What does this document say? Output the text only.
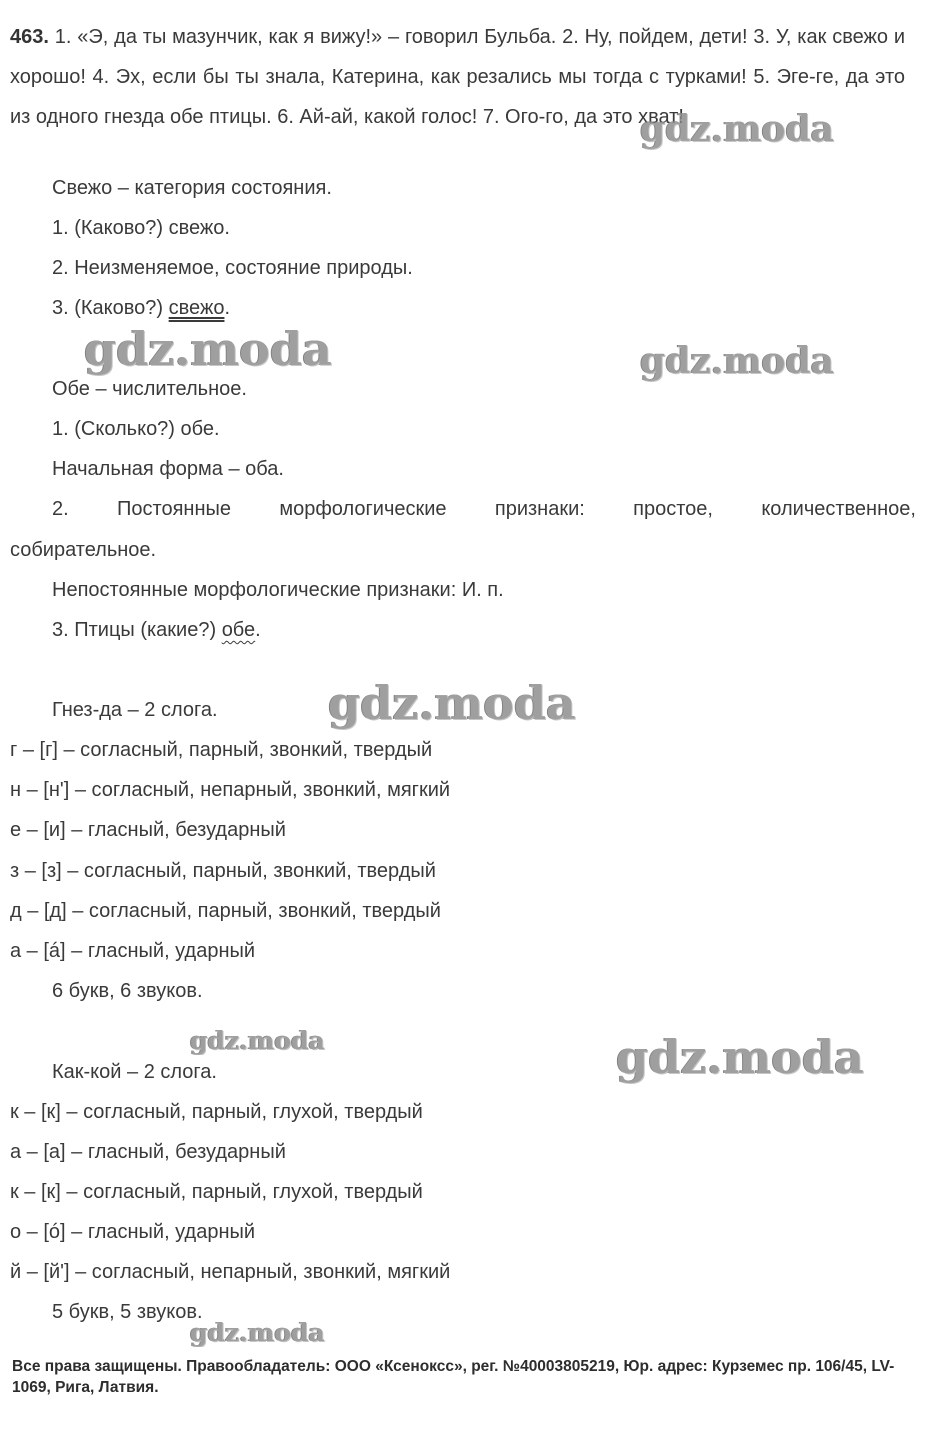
463. 1. «Э, да ты мазунчик, как я вижу!» – говорил Бульба. 2. Ну, пойдем, дети! 3. У, как свежо и хорошо! 4. Эх, если бы ты знала, Катерина, как резались мы тогда с турками! 5. Эге-ге, да это из одного гнезда обе птицы. 6. Ай-ай, какой голос! 7. Ого-го, да это хват!

Свежо – категория состояния.
1. (Каково?) свежо.
2. Неизменяемое, состояние природы.
3. (Каково?) свежо.
Обе – числительное.
1. (Сколько?) обе.
Начальная форма – оба.
2. Постоянные морфологические признаки: простое, количественное,
собирательное.
Непостоянные морфологические признаки: И. п.
3. Птицы (какие?) обе.
Гнез-да – 2 слога.
г – [г] – согласный, парный, звонкий, твердый
н – [н'] – согласный, непарный, звонкий, мягкий
е – [и] – гласный, безударный
з – [з] – согласный, парный, звонкий, твердый
д – [д] – согласный, парный, звонкий, твердый
а – [á] – гласный, ударный
6 букв, 6 звуков.
Как-кой – 2 слога.
к – [к] – согласный, парный, глухой, твердый
а – [а] – гласный, безударный
к – [к] – согласный, парный, глухой, твердый
о – [ó] – гласный, ударный
й – [й'] – согласный, непарный, звонкий, мягкий
5 букв, 5 звуков.
gdz.moda
gdz.moda	gdz.moda
gdz.moda
gdz.moda	gdz.moda
gdz.moda

Все права защищены. Правообладатель: ООО «Ксеноксс», рег. №40003805219, Юр. адрес: Курземес пр. 106/45, LV-1069, Рига, Латвия.
